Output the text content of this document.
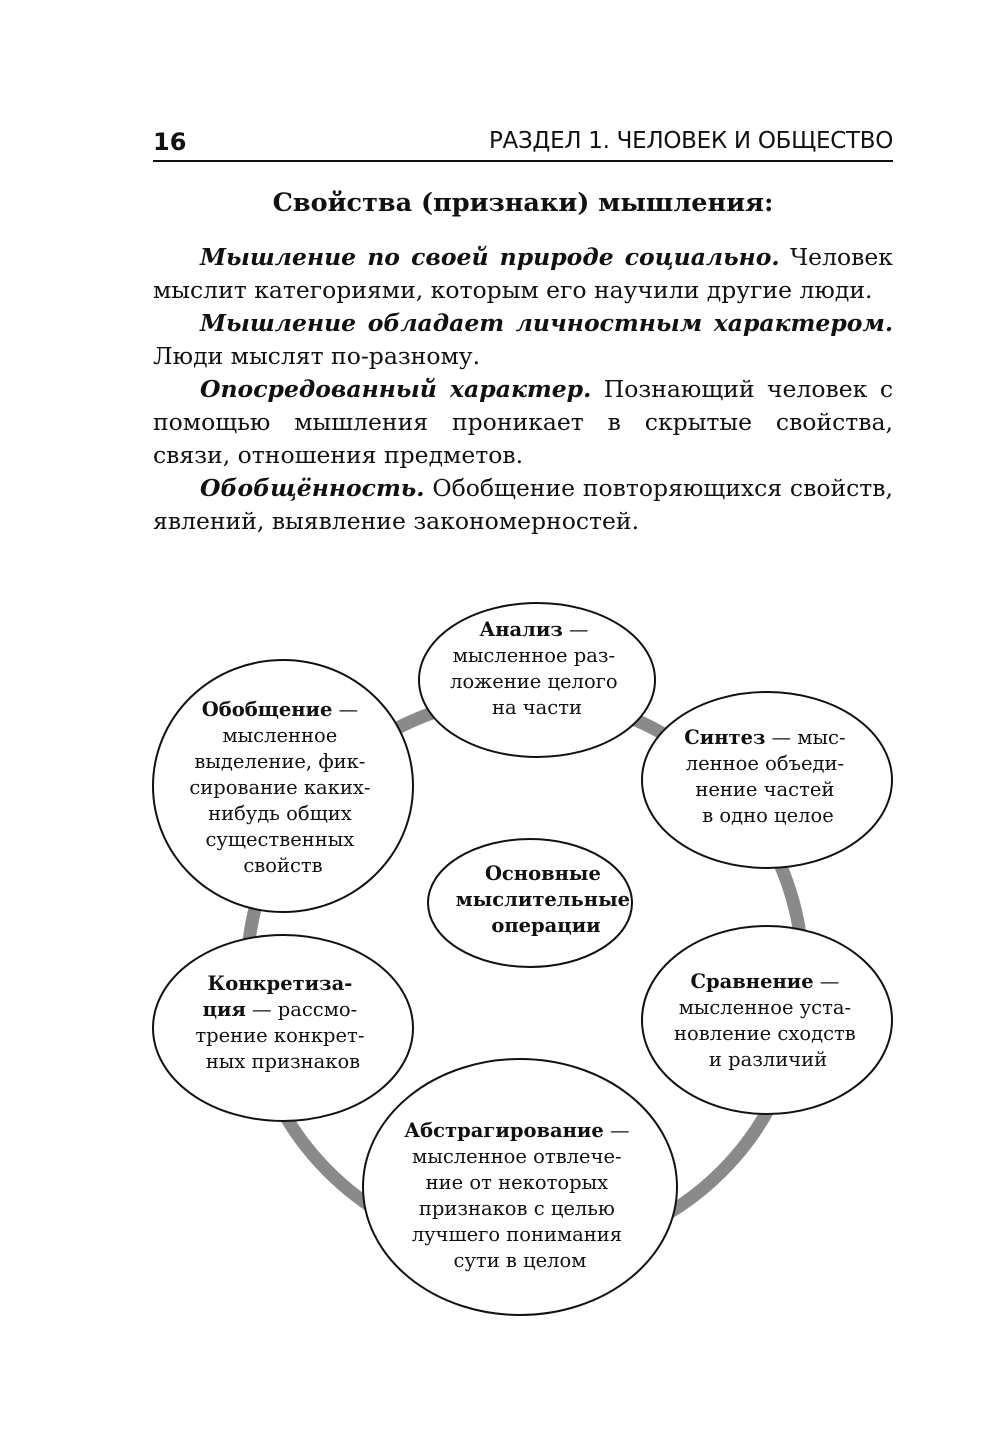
16	РАЗДЕЛ 1. ЧЕЛОВЕК И ОБЩЕСТВО
Свойства (признаки) мышления:

Мышление по своей природе социально. Человек мыслит категориями, которым его научили другие люди.

Мышление обладает личностным характером. Люди мыслят по-разному.

Опосредованный характер. Познающий человек с помощью мышления проникает в скрытые свойства, связи, отношения предметов.

Обобщённость. Обобщение повторяющихся свойств, явлений, выявление закономерностей.

Основные мыслительные операции
Анализ — мысленное раз- ложение целого на части
Синтез — мыс- ленное объеди- нение частей в одно целое
Сравнение — мысленное уста- новление сходств и различий
Абстрагирование — мысленное отвлече- ние от некоторых признаков с целью лучшего понимания сути в целом
Конкретиза- ция — рассмо- трение конкрет- ных признаков
Обобщение — мысленное выделение, фик- сирование каких- нибудь общих существенных свойств
